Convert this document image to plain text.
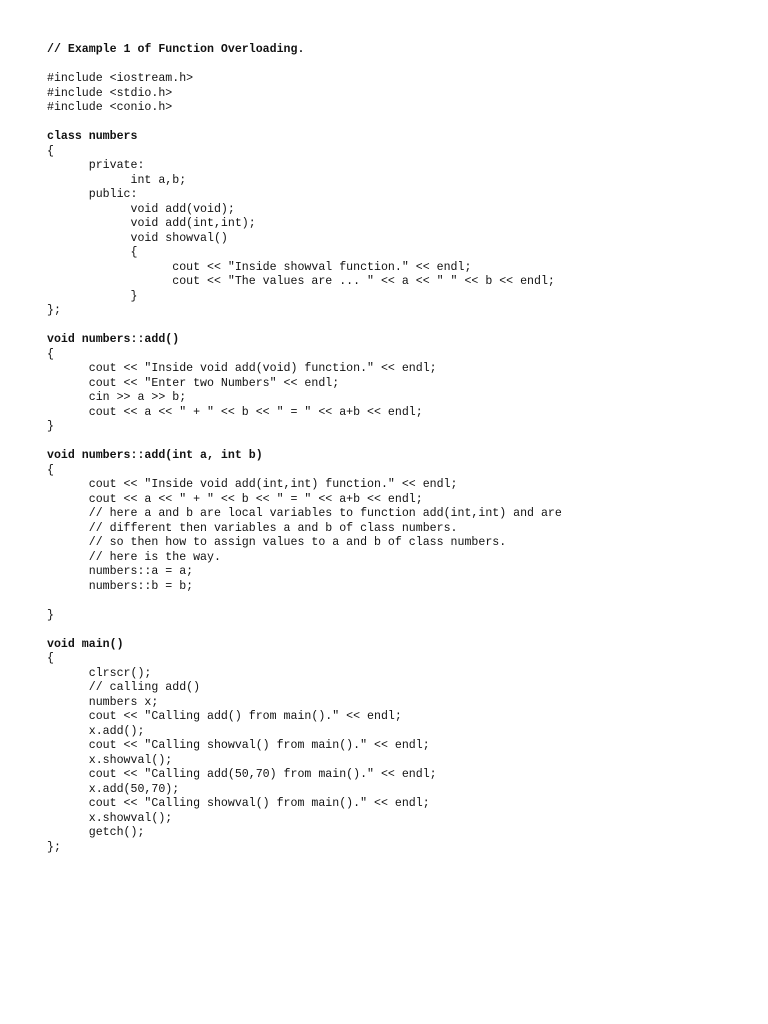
// Example 1 of Function Overloading.
#include <iostream.h>
#include <stdio.h>
#include <conio.h>
class numbers
{
private:
int a,b;
public:
void add(void);
void add(int,int);
void showval()
{
cout << "Inside showval function." << endl;
cout << "The values are ... " << a << " " << b << endl;
}
};
void numbers::add()
{
cout << "Inside void add(void) function." << endl;
cout << "Enter two Numbers" << endl;
cin >> a >> b;
cout << a << " + " << b << " = " << a+b << endl;
}
void numbers::add(int a, int b)
{
cout << "Inside void add(int,int) function." << endl;
cout << a << " + " << b << " = " << a+b << endl;
// here a and b are local variables to function add(int,int) and are
// different then variables a and b of class numbers.
// so then how to assign values to a and b of class numbers.
// here is the way.
numbers::a = a;
numbers::b = b;
}
void main()
{
clrscr();
// calling add()
numbers x;
cout << "Calling add() from main()." << endl;
x.add();
cout << "Calling showval() from main()." << endl;
x.showval();
cout << "Calling add(50,70) from main()." << endl;
x.add(50,70);
cout << "Calling showval() from main()." << endl;
x.showval();
getch();
};
